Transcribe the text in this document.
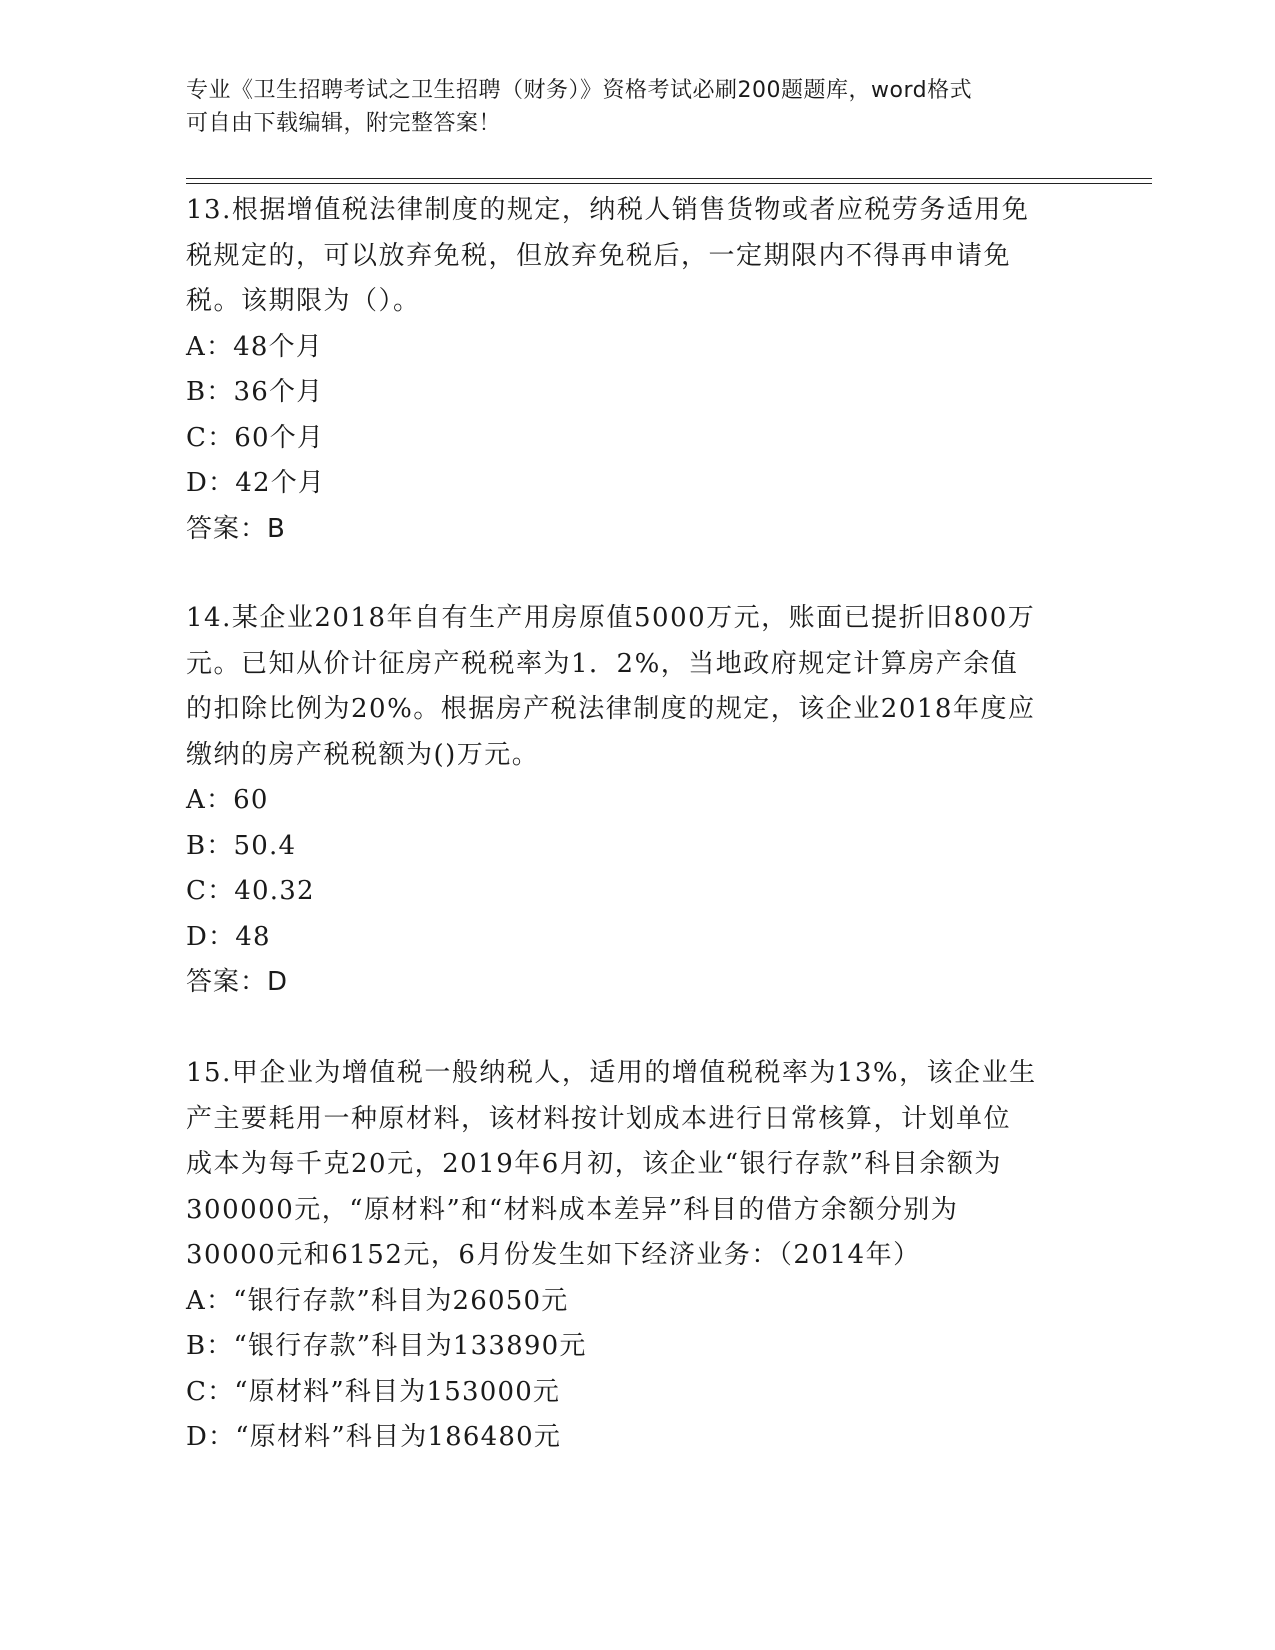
专业《卫生招聘考试之卫生招聘（财务）》资格考试必刷200题题库，word格式
可自由下载编辑，附完整答案！

13.根据增值税法律制度的规定，纳税人销售货物或者应税劳务适用免

税规定的，可以放弃免税，但放弃免税后，一定期限内不得再申请免

税。该期限为（）。

A：48个月

B：36个月

C：60个月

D：42个月

答案：B

14.某企业2018年自有生产用房原值5000万元，账面已提折旧800万

元。已知从价计征房产税税率为1．2%，当地政府规定计算房产余值

的扣除比例为20%。根据房产税法律制度的规定，该企业2018年度应

缴纳的房产税税额为()万元。

A：60

B：50.4

C：40.32

D：48

答案：D

15.甲企业为增值税一般纳税人，适用的增值税税率为13%，该企业生

产主要耗用一种原材料，该材料按计划成本进行日常核算，计划单位

成本为每千克20元，2019年6月初，该企业“银行存款”科目余额为

300000元，“原材料”和“材料成本差异”科目的借方余额分别为

30000元和6152元，6月份发生如下经济业务：（2014年）

A：“银行存款”科目为26050元

B：“银行存款”科目为133890元

C：“原材料”科目为153000元

D：“原材料”科目为186480元
